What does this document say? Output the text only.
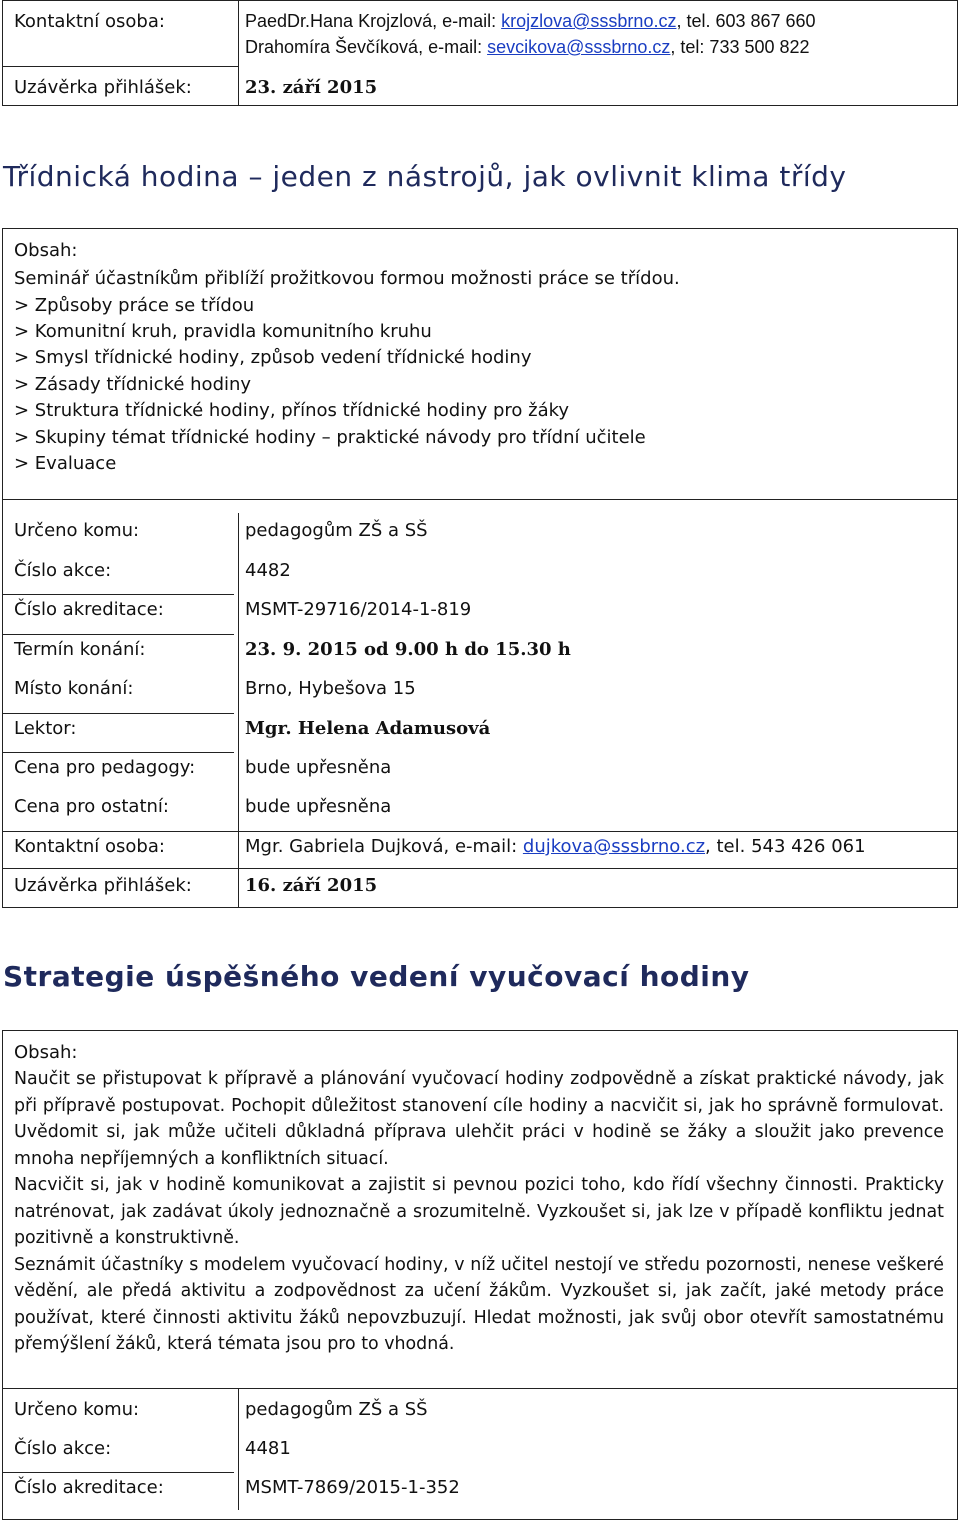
Kontaktní osoba:	PaedDr.Hana Krojzlová, e-mail: krojzlova@sssbrno.cz, tel. 603 867 660
Drahomíra Ševčíková, e-mail: sevcikova@sssbrno.cz, tel: 733 500 822
Uzávěrka přihlášek:	23. září 2015
Třídnická hodina – jeden z nástrojů, jak ovlivnit klima třídy
Obsah:
Seminář účastníkům přiblíží prožitkovou formou možnosti práce se třídou.
> Způsoby práce se třídou
> Komunitní kruh, pravidla komunitního kruhu
> Smysl třídnické hodiny, způsob vedení třídnické hodiny
> Zásady třídnické hodiny
> Struktura třídnické hodiny, přínos třídnické hodiny pro žáky
> Skupiny témat třídnické hodiny – praktické návody pro třídní učitele
> Evaluace
Určeno komu:	pedagogům ZŠ a SŠ
Číslo akce:	4482
Číslo akreditace:	MSMT-29716/2014-1-819
Termín konání:	23. 9. 2015 od 9.00 h do 15.30 h
Místo konání:	Brno, Hybešova 15
Lektor:	Mgr. Helena Adamusová
Cena pro pedagogy:	bude upřesněna
Cena pro ostatní:	bude upřesněna
Kontaktní osoba:	Mgr. Gabriela Dujková, e-mail: dujkova@sssbrno.cz, tel. 543 426 061
Uzávěrka přihlášek:	16. září 2015
Strategie úspěšného vedení vyučovací hodiny
Obsah:

Naučit se přistupovat k přípravě a plánování vyučovací hodiny zodpovědně a získat praktické návody, jak při přípravě postupovat. Pochopit důležitost stanovení cíle hodiny a nacvičit si, jak ho správně formulovat. Uvědomit si, jak může učiteli důkladná příprava ulehčit práci v hodině se žáky a sloužit jako prevence mnoha nepříjemných a konfliktních situací.

Nacvičit si, jak v hodině komunikovat a zajistit si pevnou pozici toho, kdo řídí všechny činnosti. Prakticky natrénovat, jak zadávat úkoly jednoznačně a srozumitelně. Vyzkoušet si, jak lze v případě konfliktu jednat pozitivně a konstruktivně.

Seznámit účastníky s modelem vyučovací hodiny, v níž učitel nestojí ve středu pozornosti, nenese veškeré vědění, ale předá aktivitu a zodpovědnost za učení žákům. Vyzkoušet si, jak začít, jaké metody práce používat, které činnosti aktivitu žáků nepovzbuzují. Hledat možnosti, jak svůj obor otevřít samostatnému přemýšlení žáků, která témata jsou pro to vhodná.

Určeno komu:	pedagogům ZŠ a SŠ
Číslo akce:	4481
Číslo akreditace:	MSMT-7869/2015-1-352
